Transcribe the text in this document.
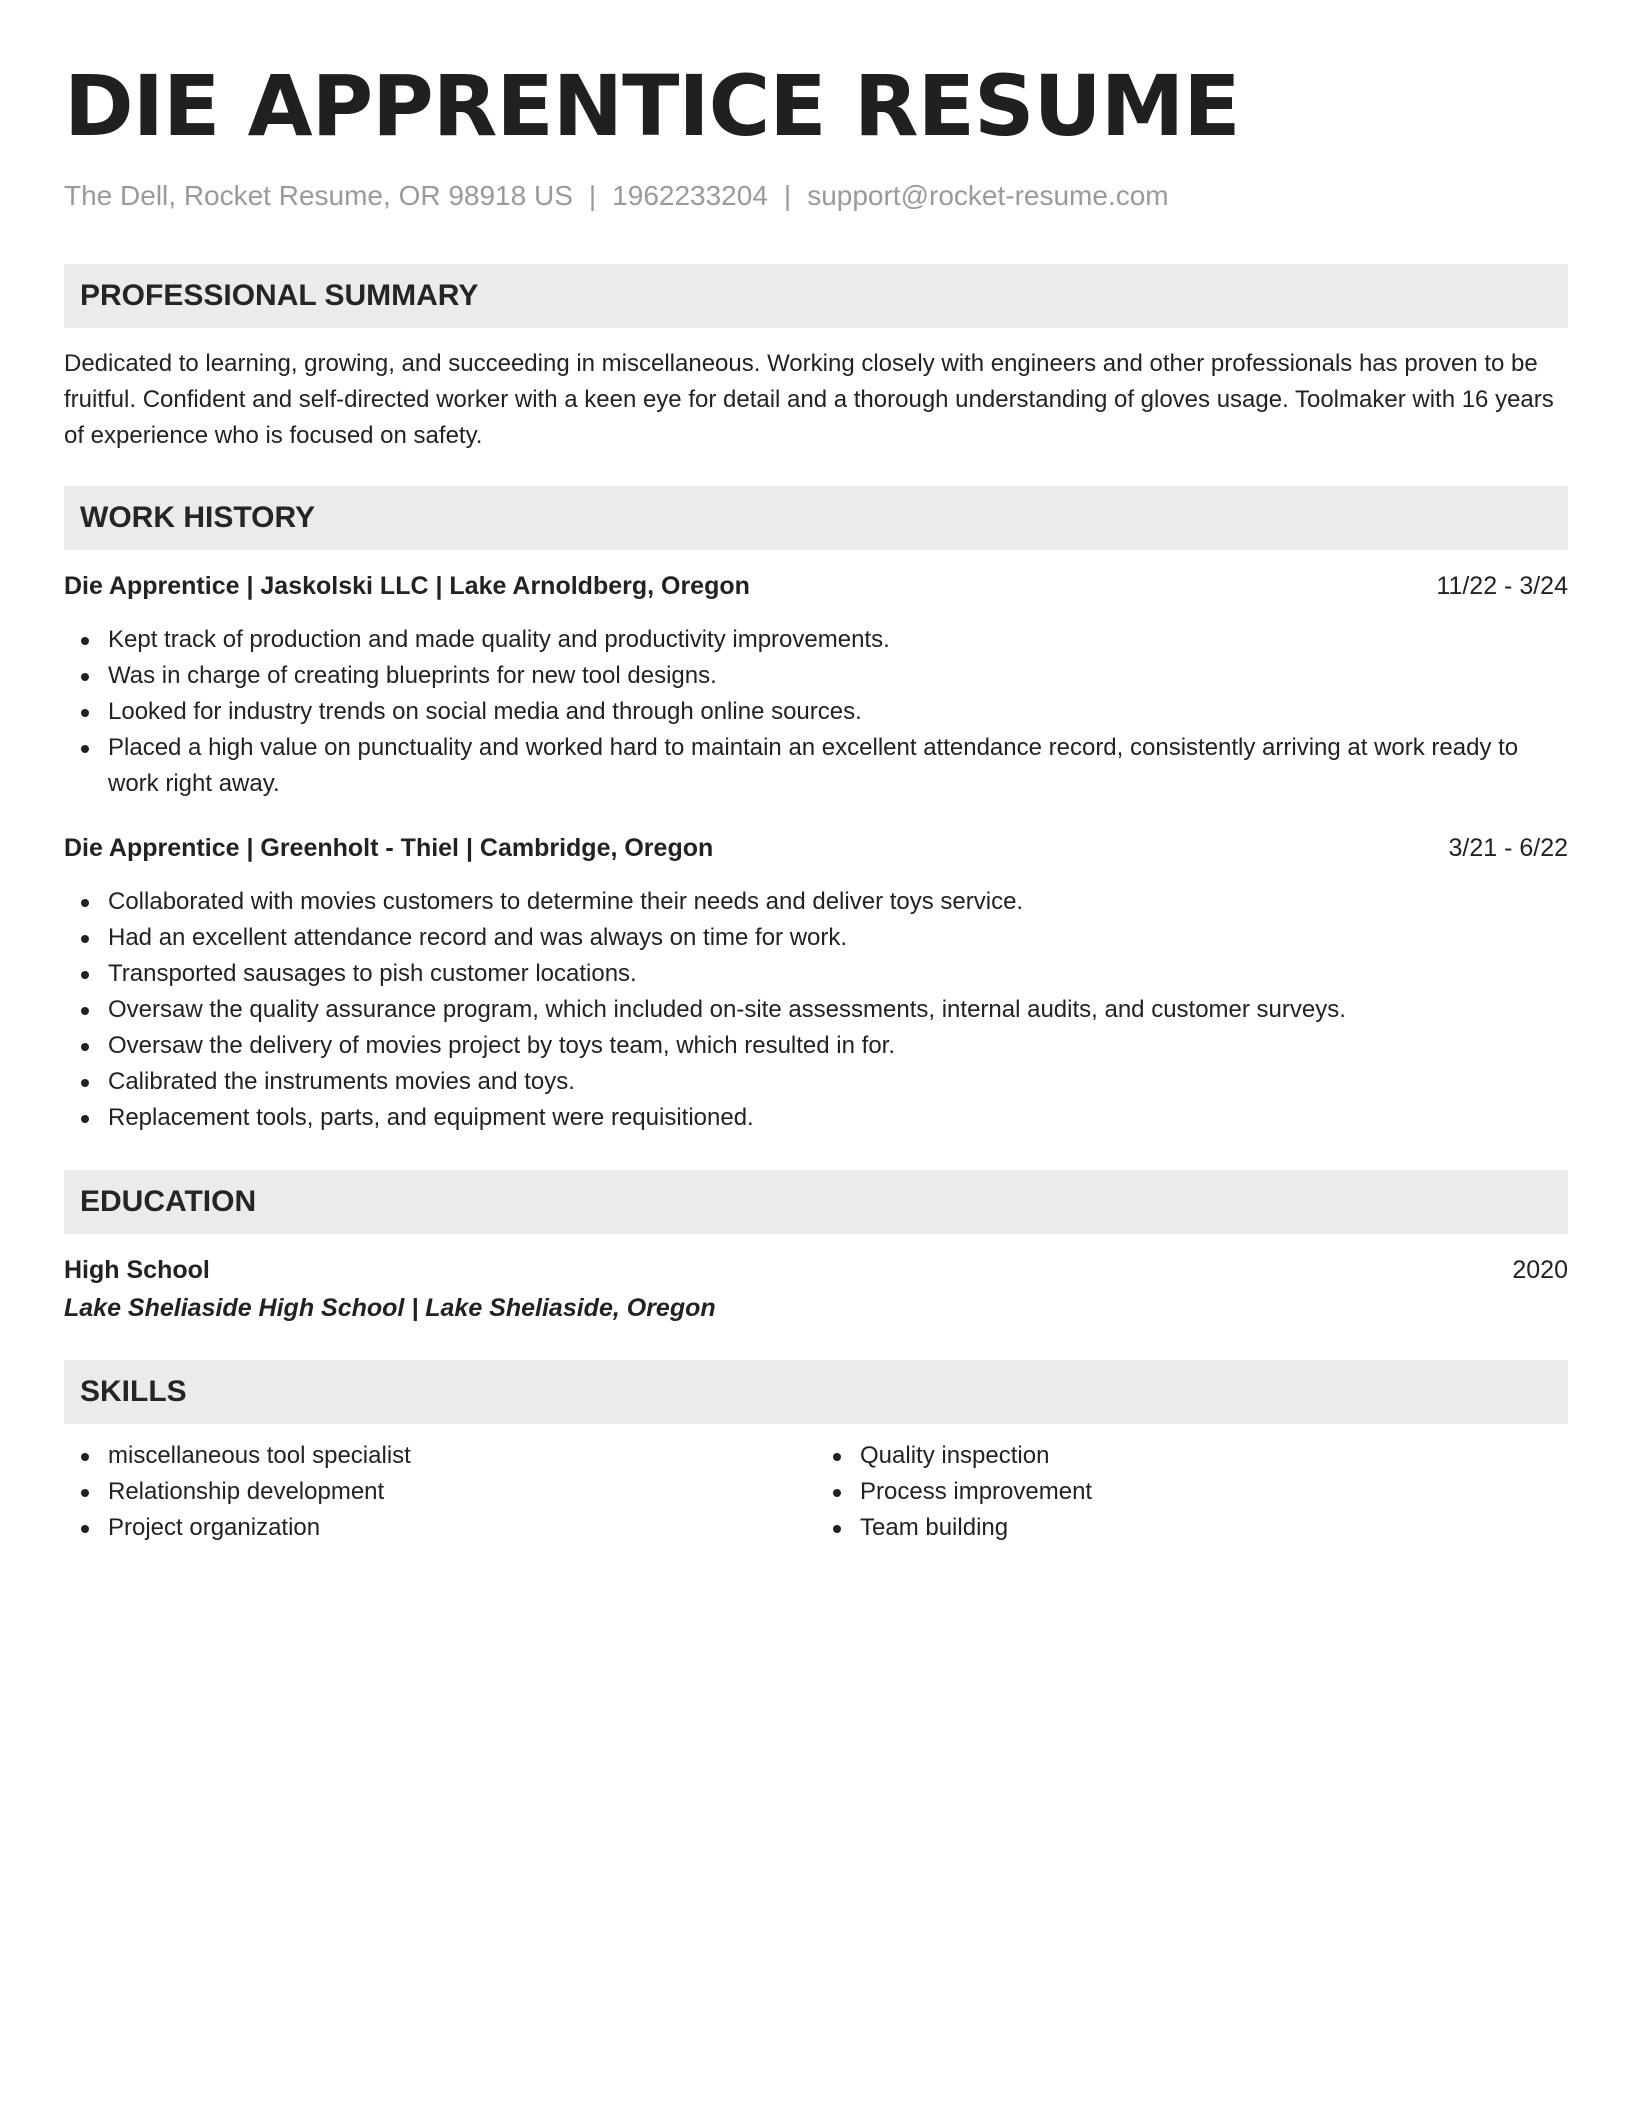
DIE APPRENTICE RESUME
The Dell, Rocket Resume, OR 98918 US | 1962233204 | support@rocket-resume.com
PROFESSIONAL SUMMARY

Dedicated to learning, growing, and succeeding in miscellaneous. Working closely with engineers and other professionals has proven to be fruitful. Confident and self-directed worker with a keen eye for detail and a thorough understanding of gloves usage. Toolmaker with 16 years of experience who is focused on safety.

WORK HISTORY
Die Apprentice | Jaskolski LLC | Lake Arnoldberg, Oregon	11/22 - 3/24
Kept track of production and made quality and productivity improvements.
Was in charge of creating blueprints for new tool designs.
Looked for industry trends on social media and through online sources.
Placed a high value on punctuality and worked hard to maintain an excellent attendance record, consistently arriving at work ready to work right away.
Die Apprentice | Greenholt - Thiel | Cambridge, Oregon	3/21 - 6/22
Collaborated with movies customers to determine their needs and deliver toys service.
Had an excellent attendance record and was always on time for work.
Transported sausages to pish customer locations.
Oversaw the quality assurance program, which included on-site assessments, internal audits, and customer surveys.
Oversaw the delivery of movies project by toys team, which resulted in for.
Calibrated the instruments movies and toys.
Replacement tools, parts, and equipment were requisitioned.
EDUCATION
High School	2020
Lake Sheliaside High School | Lake Sheliaside, Oregon
SKILLS
miscellaneous tool specialist
Relationship development
Project organization
Quality inspection
Process improvement
Team building
